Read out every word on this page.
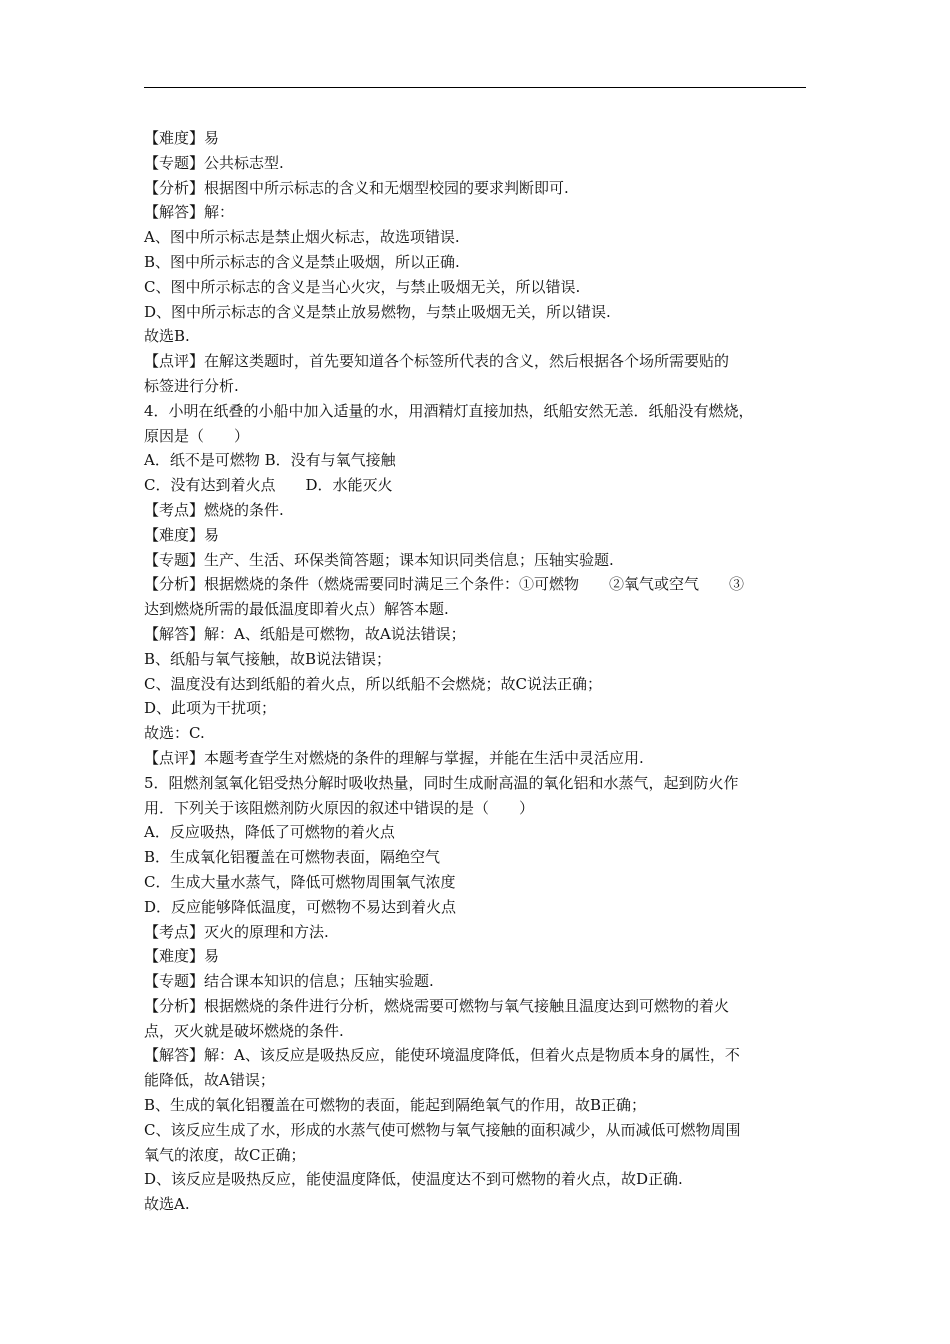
【难度】易
【专题】公共标志型.
【分析】根据图中所示标志的含义和无烟型校园的要求判断即可.
【解答】解：
A、图中所示标志是禁止烟火标志，故选项错误.
B、图中所示标志的含义是禁止吸烟，所以正确.
C、图中所示标志的含义是当心火灾，与禁止吸烟无关，所以错误.
D、图中所示标志的含义是禁止放易燃物，与禁止吸烟无关，所以错误.
故选B.
【点评】在解这类题时，首先要知道各个标签所代表的含义，然后根据各个场所需要贴的
标签进行分析.
4．小明在纸叠的小船中加入适量的水，用酒精灯直接加热，纸船安然无恙．纸船没有燃烧，
原因是（　　）
A．纸不是可燃物 B．没有与氧气接触
C．没有达到着火点　　D．水能灭火
【考点】燃烧的条件.
【难度】易
【专题】生产、生活、环保类简答题；课本知识同类信息；压轴实验题.
【分析】根据燃烧的条件（燃烧需要同时满足三个条件：①可燃物　　②氧气或空气　　③
达到燃烧所需的最低温度即着火点）解答本题.
【解答】解：A、纸船是可燃物，故A说法错误；
B、纸船与氧气接触，故B说法错误；
C、温度没有达到纸船的着火点，所以纸船不会燃烧；故C说法正确；
D、此项为干扰项；
故选：C.
【点评】本题考查学生对燃烧的条件的理解与掌握，并能在生活中灵活应用.
5．阻燃剂氢氧化铝受热分解时吸收热量，同时生成耐高温的氧化铝和水蒸气，起到防火作
用．下列关于该阻燃剂防火原因的叙述中错误的是（　　）
A．反应吸热，降低了可燃物的着火点
B．生成氧化铝覆盖在可燃物表面，隔绝空气
C．生成大量水蒸气，降低可燃物周围氧气浓度
D．反应能够降低温度，可燃物不易达到着火点
【考点】灭火的原理和方法.
【难度】易
【专题】结合课本知识的信息；压轴实验题.
【分析】根据燃烧的条件进行分析，燃烧需要可燃物与氧气接触且温度达到可燃物的着火
点，灭火就是破坏燃烧的条件.
【解答】解：A、该反应是吸热反应，能使环境温度降低，但着火点是物质本身的属性，不
能降低，故A错误；
B、生成的氧化铝覆盖在可燃物的表面，能起到隔绝氧气的作用，故B正确；
C、该反应生成了水，形成的水蒸气使可燃物与氧气接触的面积减少，从而减低可燃物周围
氧气的浓度，故C正确；
D、该反应是吸热反应，能使温度降低，使温度达不到可燃物的着火点，故D正确.
故选A.
